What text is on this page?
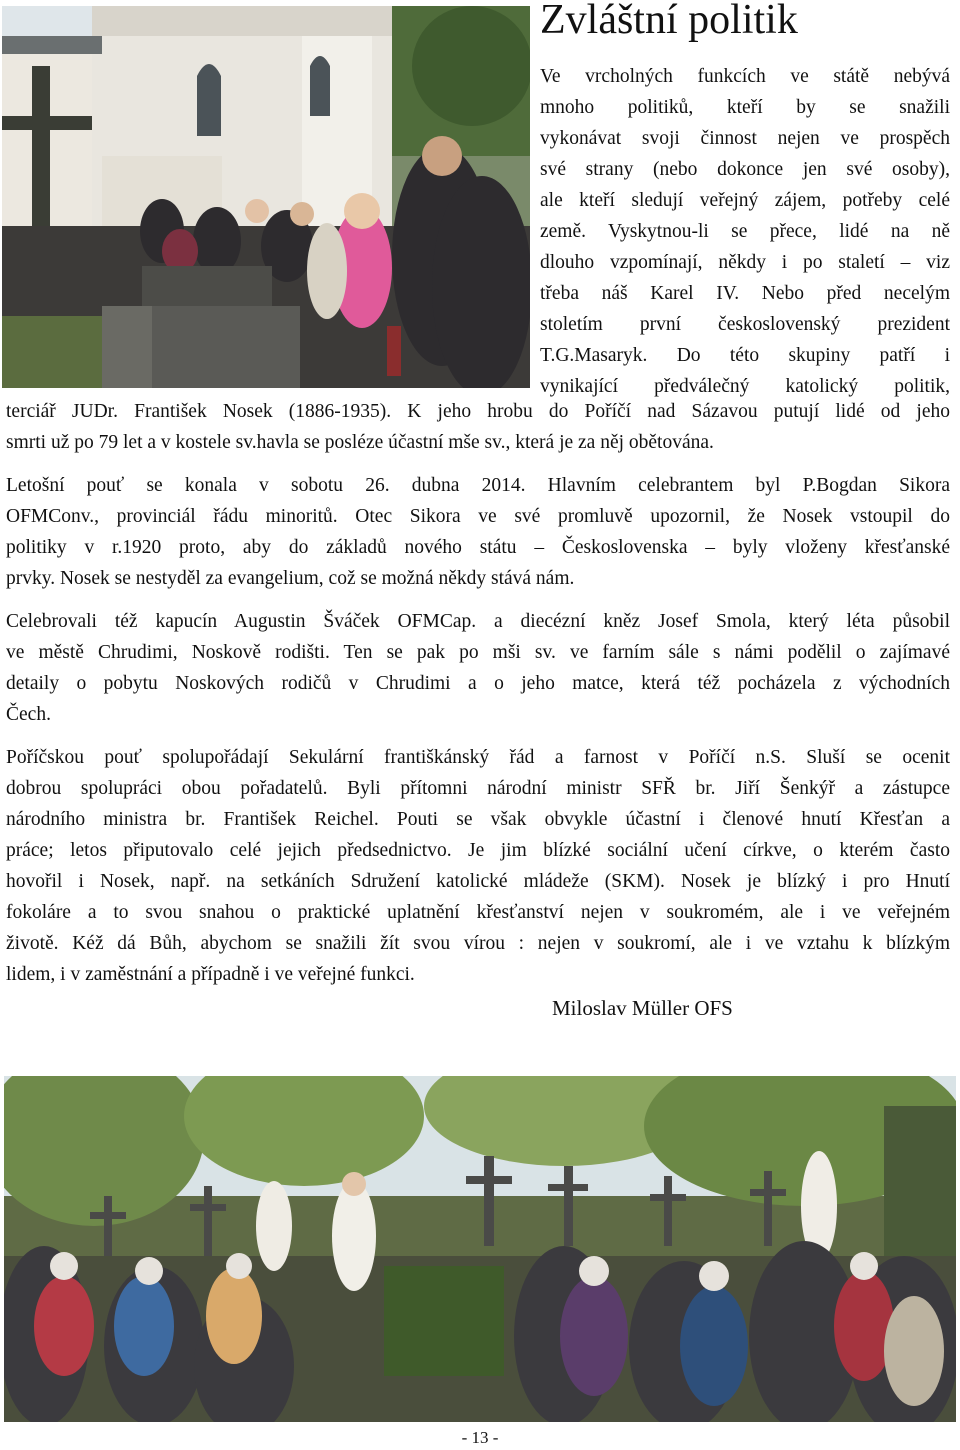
Zvláštní politik
Ve vrcholných funkcích ve státě nebývá
mnoho politiků, kteří by se snažili
vykonávat svoji činnost nejen ve prospěch
své strany (nebo dokonce jen své osoby),
ale kteří sledují veřejný zájem, potřeby celé
země. Vyskytnou-li se přece, lidé na ně
dlouho vzpomínají, někdy i po staletí – viz
třeba náš Karel IV. Nebo před necelým
stoletím první československý prezident
T.G.Masaryk. Do této skupiny patří i
vynikající předválečný katolický politik,

terciář JUDr. František Nosek (1886-1935). K jeho hrobu do Poříčí nad Sázavou putují lidé od jeho
smrti už po 79 let a v kostele sv.havla se posléze účastní mše sv., která je za něj obětována.

Letošní pouť se konala v sobotu 26. dubna 2014. Hlavním celebrantem byl P.Bogdan Sikora
OFMConv., provinciál řádu minoritů. Otec Sikora ve své promluvě upozornil, že Nosek vstoupil do
politiky v r.1920 proto, aby do základů nového státu – Československa – byly vloženy křesťanské
prvky. Nosek se nestyděl za evangelium, což se možná někdy stává nám.

Celebrovali též kapucín Augustin Šváček OFMCap. a diecézní kněz Josef Smola, který léta působil
ve městě Chrudimi, Noskově rodišti. Ten se pak po mši sv. ve farním sále s námi podělil o zajímavé
detaily o pobytu Noskových rodičů v Chrudimi a o jeho matce, která též pocházela z východních
Čech.

Poříčskou pouť spolupořádají Sekulární františkánský řád a farnost v Poříčí n.S. Sluší se ocenit
dobrou spolupráci obou pořadatelů. Byli přítomni národní ministr SFŘ br. Jiří Šenkýř a zástupce
národního ministra br. František Reichel. Pouti se však obvykle účastní i členové hnutí Křesťan a
práce; letos připutovalo celé jejich předsednictvo. Je jim blízké sociální učení církve, o kterém často
hovořil i Nosek, např. na setkáních Sdružení katolické mládeže (SKM). Nosek je blízký i pro Hnutí
fokoláre a to svou snahou o praktické uplatnění křesťanství nejen v soukromém, ale i ve veřejném
životě. Kéž dá Bůh, abychom se snažili žít svou vírou : nejen v soukromí, ale i ve vztahu k blízkým
lidem, i v zaměstnání a případně i ve veřejné funkci.

Miloslav Müller OFS
- 13 -
